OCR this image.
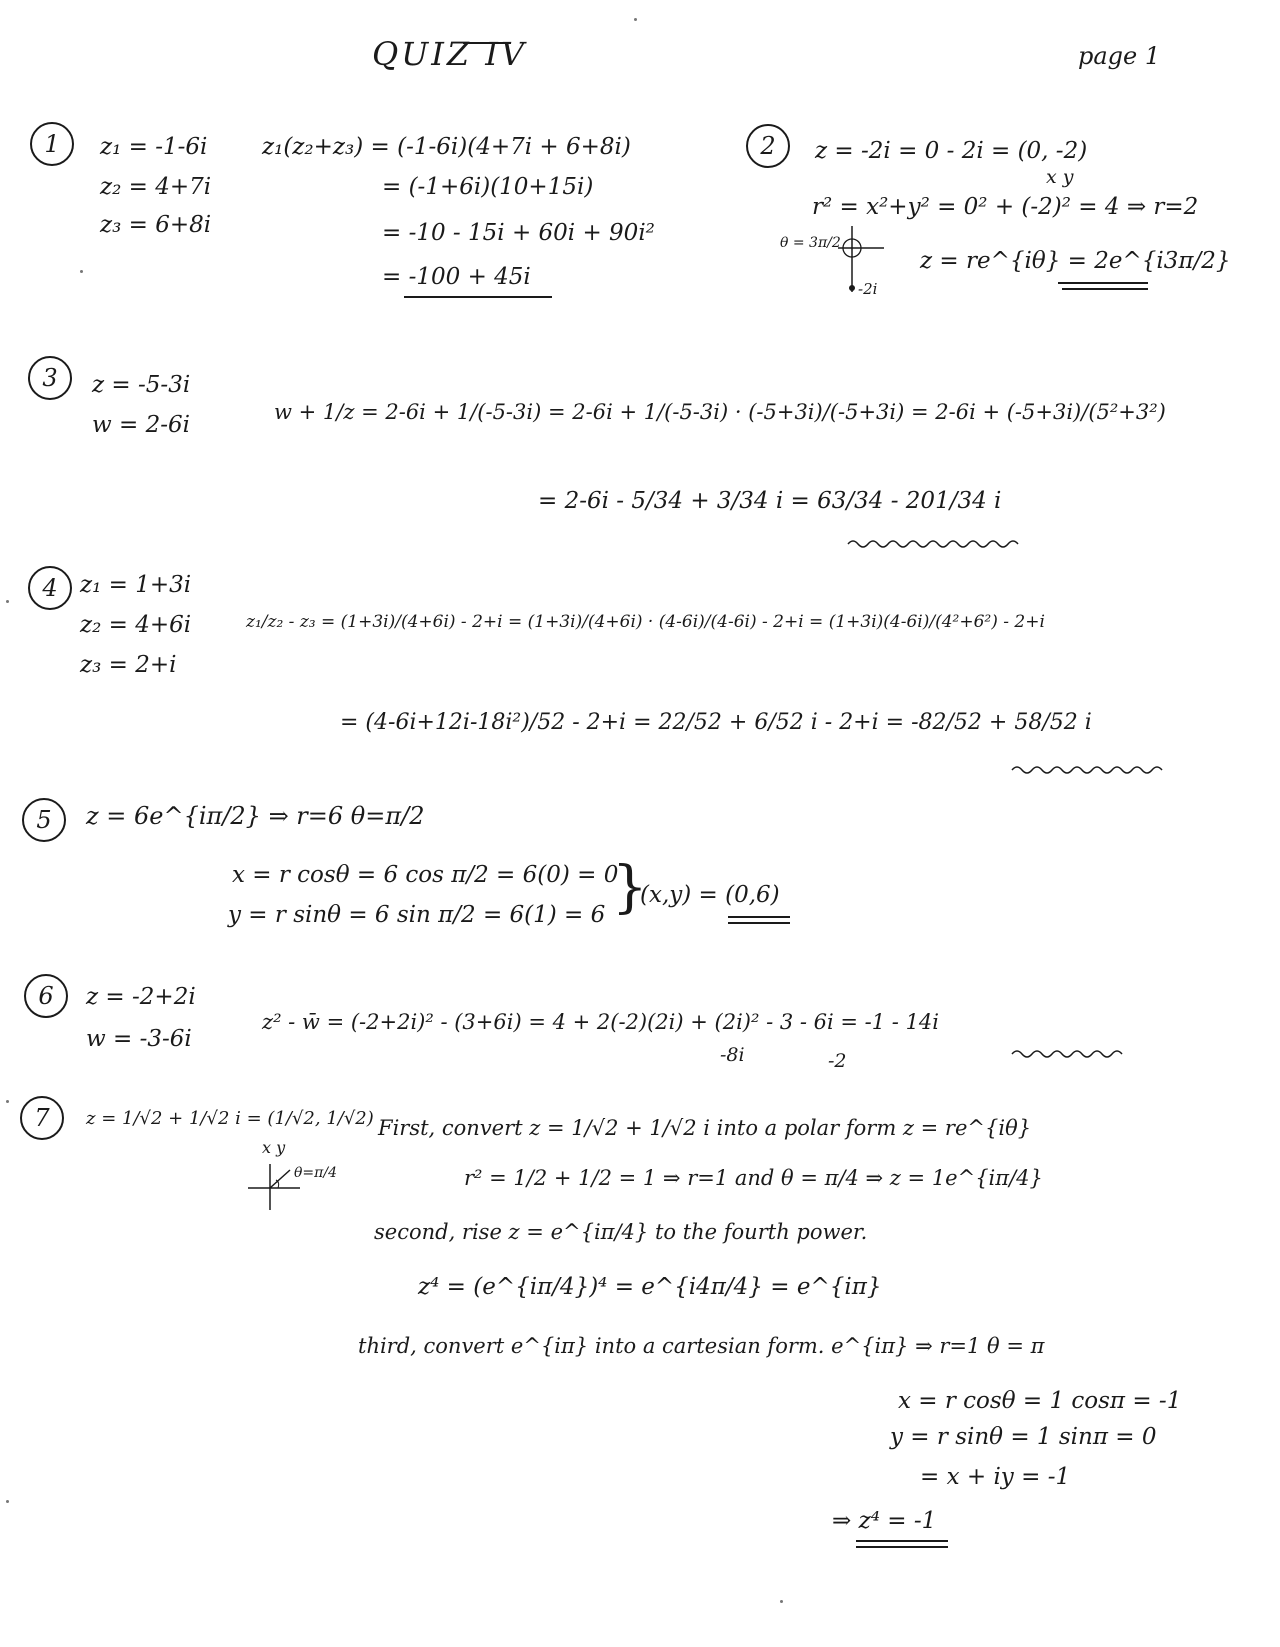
QUIZ IV	page 1
1	z₁ = -1-6i
z₂ = 4+7i
z₃ = 6+8i
z₁(z₂+z₃) = (-1-6i)(4+7i + 6+8i)
= (-1+6i)(10+15i)
= -10 - 15i + 60i + 90i²
= -100 + 45i
2	z = -2i = 0 - 2i = (0, -2)
x y
r² = x²+y² = 0² + (-2)² = 4 ⇒ r=2
θ = 3π/2
-2i
z = re^{iθ} = 2e^{i3π/2}
3	z = -5-3i
w = 2-6i	w + 1/z = 2-6i + 1/(-5-3i) = 2-6i + 1/(-5-3i) · (-5+3i)/(-5+3i) = 2-6i + (-5+3i)/(5²+3²)
= 2-6i - 5/34 + 3/34 i = 63/34 - 201/34 i
4 z₁ = 1+3i
z₂ = 4+6i
z₃ = 2+i
z₁/z₂ - z₃ = (1+3i)/(4+6i) - 2+i = (1+3i)/(4+6i) · (4-6i)/(4-6i) - 2+i = (1+3i)(4-6i)/(4²+6²) - 2+i
= (4-6i+12i-18i²)/52 - 2+i = 22/52 + 6/52 i - 2+i = -82/52 + 58/52 i
5	z = 6e^{iπ/2} ⇒ r=6 θ=π/2
x = r cosθ = 6 cos π/2 = 6(0) = 0
y = r sinθ = 6 sin π/2 = 6(1) = 6 }
(x,y) = (0,6)
6	z = -2+2i
w = -3-6i
z² - w̄ = (-2+2i)² - (3+6i) = 4 + 2(-2)(2i) + (2i)² - 3 - 6i = -1 - 14i
-8i	-2
7	z = 1/√2 + 1/√2 i = (1/√2, 1/√2)
x y
θ=π/4
First, convert z = 1/√2 + 1/√2 i into a polar form z = re^{iθ}
r² = 1/2 + 1/2 = 1 ⇒ r=1 and θ = π/4 ⇒ z = 1e^{iπ/4}
second, rise z = e^{iπ/4} to the fourth power.
z⁴ = (e^{iπ/4})⁴ = e^{i4π/4} = e^{iπ}
third, convert e^{iπ} into a cartesian form. e^{iπ} ⇒ r=1 θ = π
x = r cosθ = 1 cosπ = -1
y = r sinθ = 1 sinπ = 0
= x + iy = -1
⇒ z⁴ = -1
